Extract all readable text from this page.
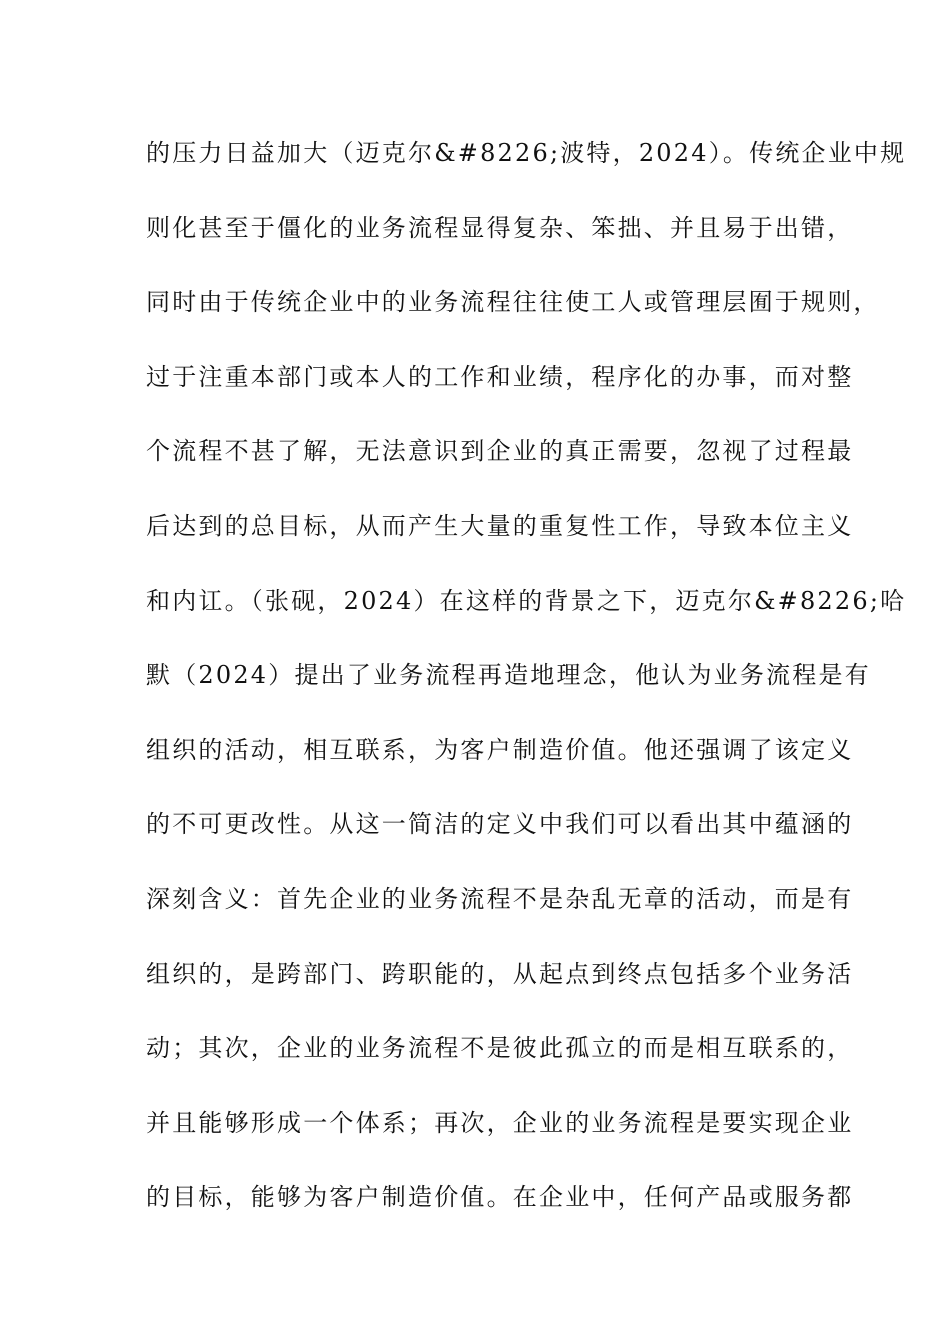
的压力日益加大（迈克尔&#8226;波特，2024）。传统企业中规

则化甚至于僵化的业务流程显得复杂、笨拙、并且易于出错，

同时由于传统企业中的业务流程往往使工人或管理层囿于规则，

过于注重本部门或本人的工作和业绩，程序化的办事，而对整

个流程不甚了解，无法意识到企业的真正需要，忽视了过程最

后达到的总目标，从而产生大量的重复性工作，导致本位主义

和内讧。（张砚，2024）在这样的背景之下，迈克尔&#8226;哈

默（2024）提出了业务流程再造地理念，他认为业务流程是有

组织的活动，相互联系，为客户制造价值。他还强调了该定义

的不可更改性。从这一简洁的定义中我们可以看出其中蕴涵的

深刻含义：首先企业的业务流程不是杂乱无章的活动，而是有

组织的，是跨部门、跨职能的，从起点到终点包括多个业务活

动；其次，企业的业务流程不是彼此孤立的而是相互联系的，

并且能够形成一个体系；再次，企业的业务流程是要实现企业

的目标，能够为客户制造价值。在企业中，任何产品或服务都
